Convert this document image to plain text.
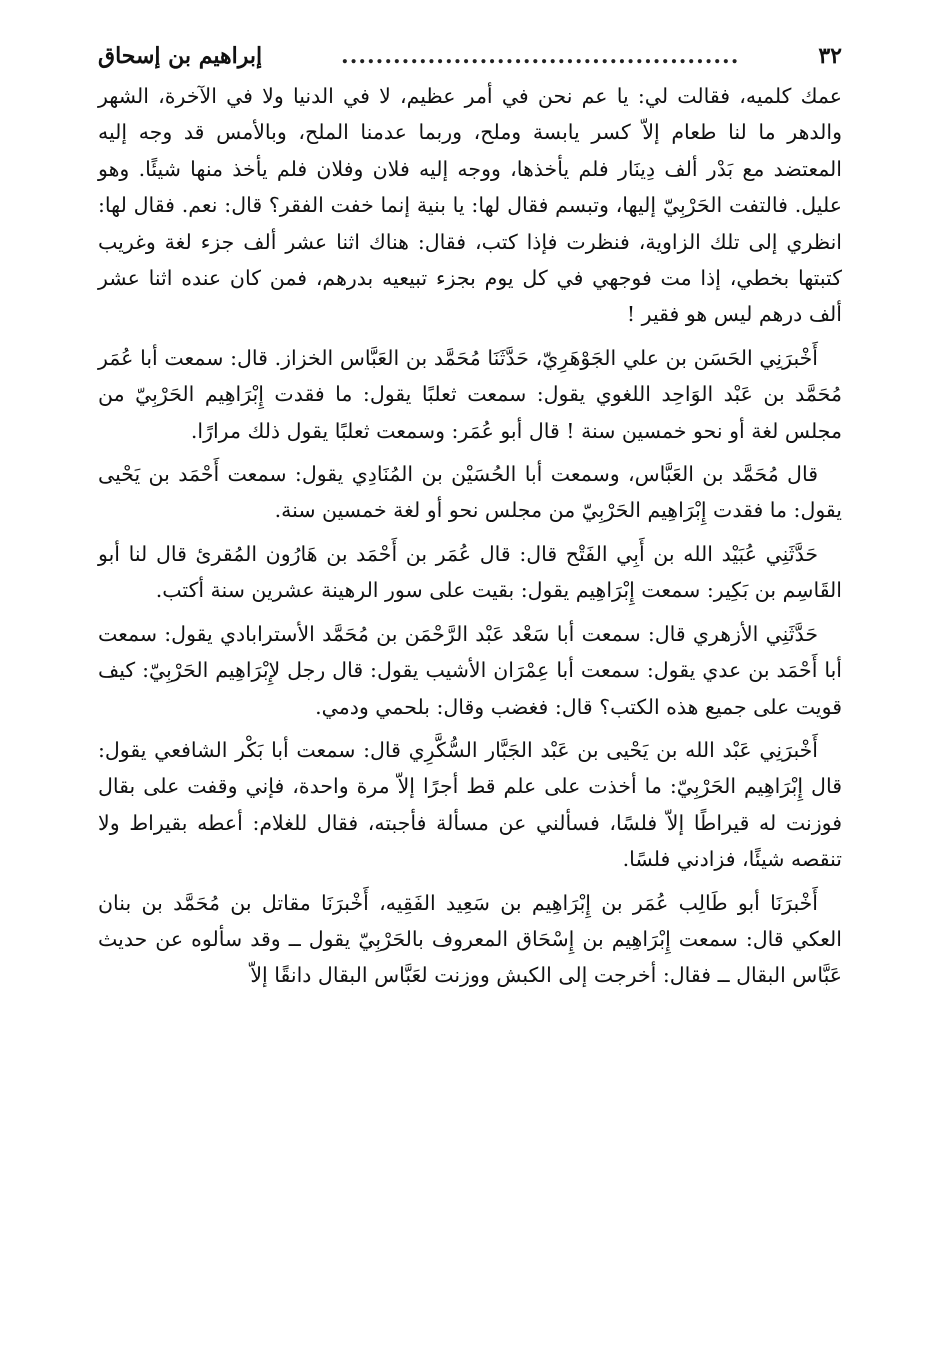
٣٢
..............................................
إبراهيم بن إسحاق

عمك كلميه، فقالت لي: يا عم نحن في أمر عظيم، لا في الدنيا ولا في الآخرة، الشهر والدهر ما لنا طعام إلاّ كسر يابسة وملح، وربما عدمنا الملح، وبالأمس قد وجه إليه المعتضد مع بَدْر ألف دِينَار فلم يأخذها، ووجه إليه فلان وفلان فلم يأخذ منها شيئًا. وهو عليل. فالتفت الحَرْبِيّ إليها، وتبسم فقال لها: يا بنية إنما خفت الفقر؟ قال: نعم. فقال لها: انظري إلى تلك الزاوية، فنظرت فإذا كتب، فقال: هناك اثنا عشر ألف جزء لغة وغريب كتبتها بخطي، إذا مت فوجهي في كل يوم بجزء تبيعيه بدرهم، فمن كان عنده اثنا عشر ألف درهم ليس هو فقير !

أَخْبرَنِي الحَسَن بن علي الجَوْهَرِيّ، حَدَّثَنَا مُحَمَّد بن العَبَّاس الخزاز. قال: سمعت أبا عُمَر مُحَمَّد بن عَبْد الوَاحِد اللغوي يقول: سمعت ثعلبًا يقول: ما فقدت إِبْرَاهِيم الحَرْبِيّ من مجلس لغة أو نحو خمسين سنة ! قال أبو عُمَر: وسمعت ثعلبًا يقول ذلك مرارًا.

قال مُحَمَّد بن العَبَّاس، وسمعت أبا الحُسَيْن بن المُنَادِي يقول: سمعت أَحْمَد بن يَحْيى يقول: ما فقدت إِبْرَاهِيم الحَرْبِيّ من مجلس نحو أو لغة خمسين سنة.

حَدَّثَنِي عُبَيْد الله بن أَبِي الفَتْح قال: قال عُمَر بن أَحْمَد بن هَارُون المُقرئ قال لنا أبو القَاسِم بن بَكِير: سمعت إِبْرَاهِيم يقول: بقيت على سور الرهينة عشرين سنة أكتب.

حَدَّثَنِي الأزهري قال: سمعت أبا سَعْد عَبْد الرَّحْمَن بن مُحَمَّد الأسترابادي يقول: سمعت أبا أَحْمَد بن عدي يقول: سمعت أبا عِمْرَان الأشيب يقول: قال رجل لإِبْرَاهِيم الحَرْبِيّ: كيف قويت على جميع هذه الكتب؟ قال: فغضب وقال: بلحمي ودمي.

أَخْبرَنِي عَبْد الله بن يَحْيى بن عَبْد الجَبَّار السُّكَّرِي قال: سمعت أبا بَكْر الشافعي يقول: قال إِبْرَاهِيم الحَرْبِيّ: ما أخذت على علم قط أجرًا إلاّ مرة واحدة، فإني وقفت على بقال فوزنت له قيراطًا إلاّ فلسًا، فسألني عن مسألة فأجبته، فقال للغلام: أعطه بقيراط ولا تنقصه شيئًا، فزادني فلسًا.

أَخْبرَنَا أبو طَالِب عُمَر بن إِبْرَاهِيم بن سَعِيد الفَقِيه، أَخْبرَنَا مقاتل بن مُحَمَّد بن بنان العكي قال: سمعت إِبْرَاهِيم بن إِسْحَاق المعروف بالحَرْبِيّ يقول ــ وقد سألوه عن حديث عَبَّاس البقال ــ فقال: أخرجت إلى الكبش ووزنت لعَبَّاس البقال دانقًا إلاّ
